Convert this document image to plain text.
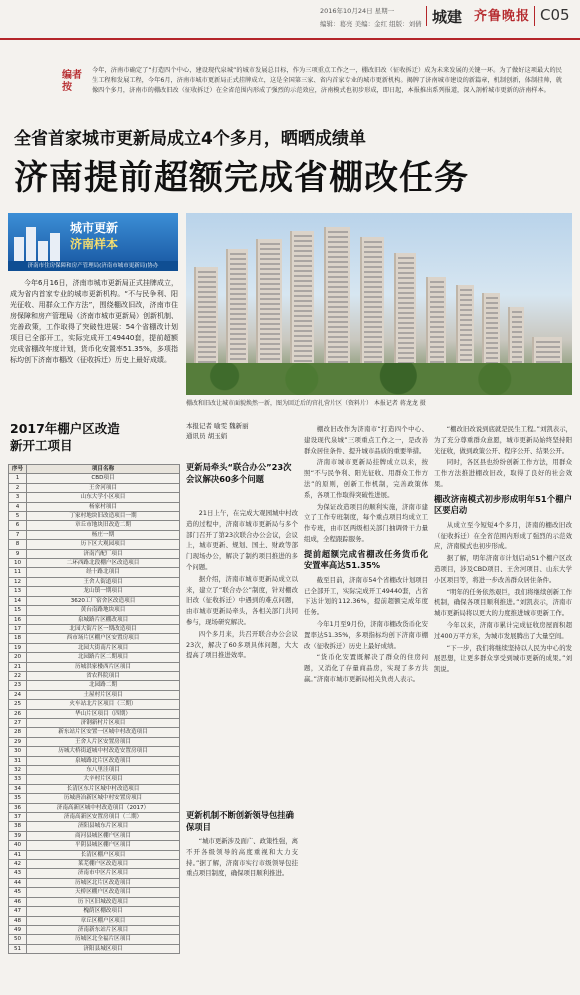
2016年10月24日 星期一
编辑：葛亮 美编：金红 组版：刘倩 城建 齐鲁晚报 C05
编者按
今年，济南市确定了“打造四个中心，建设现代泉城”的城市发展总目标，作为三项重点工作之一，棚改旧改（征收拆迁）成为未来发展的关键一环。为了做好这项最大的民生工程和发展工程，今年6月，济南市城市更新局正式挂牌成立，这是全国第三家、省内首家专业的城市更新机构。揭牌了济南城市建设的新篇章，机制创新，体制挂帅，就像四个多月，济南市的棚改旧改（征收拆迁）在全省范围内形成了强烈的示范效应，济南模式也初步形成，即日起，本报推出系列报道，深入剖析城市更新的济南样本。
全省首家城市更新局成立4个多月，晒晒成绩单
济南提前超额完成省棚改任务
城市更新
济南样本
济南市住房保障和房产管理局(济南市城市更新局)协办

今年6月16日，济南市城市更新局正式挂牌成立，成为省内首家专业的城市更新机构。“不与民争利、阳光征收、用群众工作方法”，围绕棚改旧改，济南市住房保障和房产管理局（济南市城市更新局）创新机制、完善政策，工作取得了突破性进展：54个省棚改计划项目已全部开工，实际完成开工49440套，提前超额完成省棚改年度计划，货币化安置率51.35%，多项指标均创下济南市棚改（征收拆迁）历史上最好成绩。

棚改和旧改让城市面貌焕然一新，图为回迁后的官扎营片区（资料片） 本报记者 蒋龙龙 摄
2017年棚户区改造
新开工项目
序号	项目名称
1	CBD项目
2	王舍河项目
3	山东大学小区项目
4	杨家村项目
5	丁家村地块旧改造项目一期
6	章丘市地块旧改造二期
7	杨庄一期
8	历下区大观园项目
9	济南汽配厂项目
10	二环西路北段棚户区改造项目
11	经十路北项目
12	王舍人街道项目
13	龙山镇一期项目
14	3620工厂宿舍区改造项目
15	黄台南路地块项目
16	泉城路片区棚改项目
17	北园大街片区一期改造项目
18	西市场片区棚户区安置房项目
19	北园大街南片区项目
20	北园路片区二期项目
21	历城洪家楼西片区项目
22	省农科院项目
23	北园路二期
24	土屋村片区项目
25	火车站北片区项目（三期）
26	华山片区项目（四期）
27	济钢新村片区项目
28	新东站片区安置一区城中村改造项目
29	王舍人片区安置房项目
30	历城大桥街道城中村改造安置房项目
31	泉城路北片区改造项目
32	东八里洼项目
33	大辛村片区项目
34	长清区东片区城中村改造项目
35	历城唐冶新区城中村安置房项目
36	济南高新区城中村改造项目（2017）
37	济南高新区安置房项目（二期）
38	济阳县城东片区项目
39	商河县城区棚户区项目
40	平阴县城区棚户区项目
41	长清区棚户区项目
42	莱芜棚户区改造项目
43	济南市中区片区项目
44	历城区北片区改造项目
45	天桥区棚户区改造项目
46	历下区旧城改造项目
47	槐荫区棚改项目
48	章丘区棚户区项目
49	济南新东站片区项目
50	历城区北全福片区项目
51	济阳县城区项目
本报记者 喻雯 魏新丽
通讯员 胡玉娟
更新局牵头“联合办公”23次会议解决60多个问题

21日上午，在完成大观园城中村改造的过程中，济南市城市更新局与多个部门召开了第23次联合办公会议，会议上，城市更新、规划、国土、财政等部门现场办公，解决了制约项目推进的多个问题。

据介绍，济南市城市更新局成立以来，建立了“联合办公”制度，针对棚改旧改（征收拆迁）中遇到的难点问题，由市城市更新局牵头，各相关部门共同参与，现场研究解决。

四个多月来，共召开联合办公会议23次，解决了60多项具体问题，大大提高了项目推进效率。

更新机制不断创新领导包挂确保项目

“城市更新涉及面广、政策性强，离不开各级领导的高度重视和大力支持。”据了解，济南市实行市级领导包挂重点项目制度，确保项目顺利推进。

棚改旧改作为济南市“打造四个中心、建设现代泉城”三项重点工作之一，是改善群众居住条件、提升城市品质的重要举措。

济南市城市更新局挂牌成立以来，按照“不与民争利、阳光征收、用群众工作方法”的原则，创新工作机制，完善政策体系，各项工作取得突破性进展。

为保证改造项目的顺利实施，济南市建立了工作专班制度，每个重点项目均成立工作专班，由市区两级相关部门抽调骨干力量组成，全程跟踪服务。

提前超额完成省棚改任务货币化安置率高达51.35%

截至目前，济南市54个省棚改计划项目已全部开工，实际完成开工49440套，占省下达计划的112.36%，提前超额完成年度任务。

今年1月至9月份，济南市棚改货币化安置率达51.35%，多项指标均创下济南市棚改（征收拆迁）历史上最好成绩。

“货币化安置既解决了群众的住房问题，又消化了存量商品房，实现了多方共赢。”济南市城市更新局相关负责人表示。

“棚改旧改说到底就是民生工程。”刘凯表示，为了充分尊重群众意愿，城市更新局始终坚持阳光征收，做到政策公开、程序公开、结果公开。

同时，各区县也纷纷创新工作方法，用群众工作方法推进棚改旧改，取得了良好的社会效果。

棚改济南模式初步形成明年51个棚户区要启动

从成立至今短短4个多月，济南的棚改旧改（征收拆迁）在全省范围内形成了强烈的示范效应，济南模式也初步形成。

据了解，明年济南市计划启动51个棚户区改造项目，涉及CBD项目、王舍河项目、山东大学小区项目等，将进一步改善群众居住条件。

“明年的任务依然艰巨，我们将继续创新工作机制，确保各项目顺利推进。”刘凯表示，济南市城市更新局将以更大的力度推进城市更新工作。

今年以来，济南市累计完成征收房屋面积超过400万平方米，为城市发展腾出了大量空间。

“下一步，我们将继续坚持以人民为中心的发展思想，让更多群众享受到城市更新的成果。”刘凯说。
